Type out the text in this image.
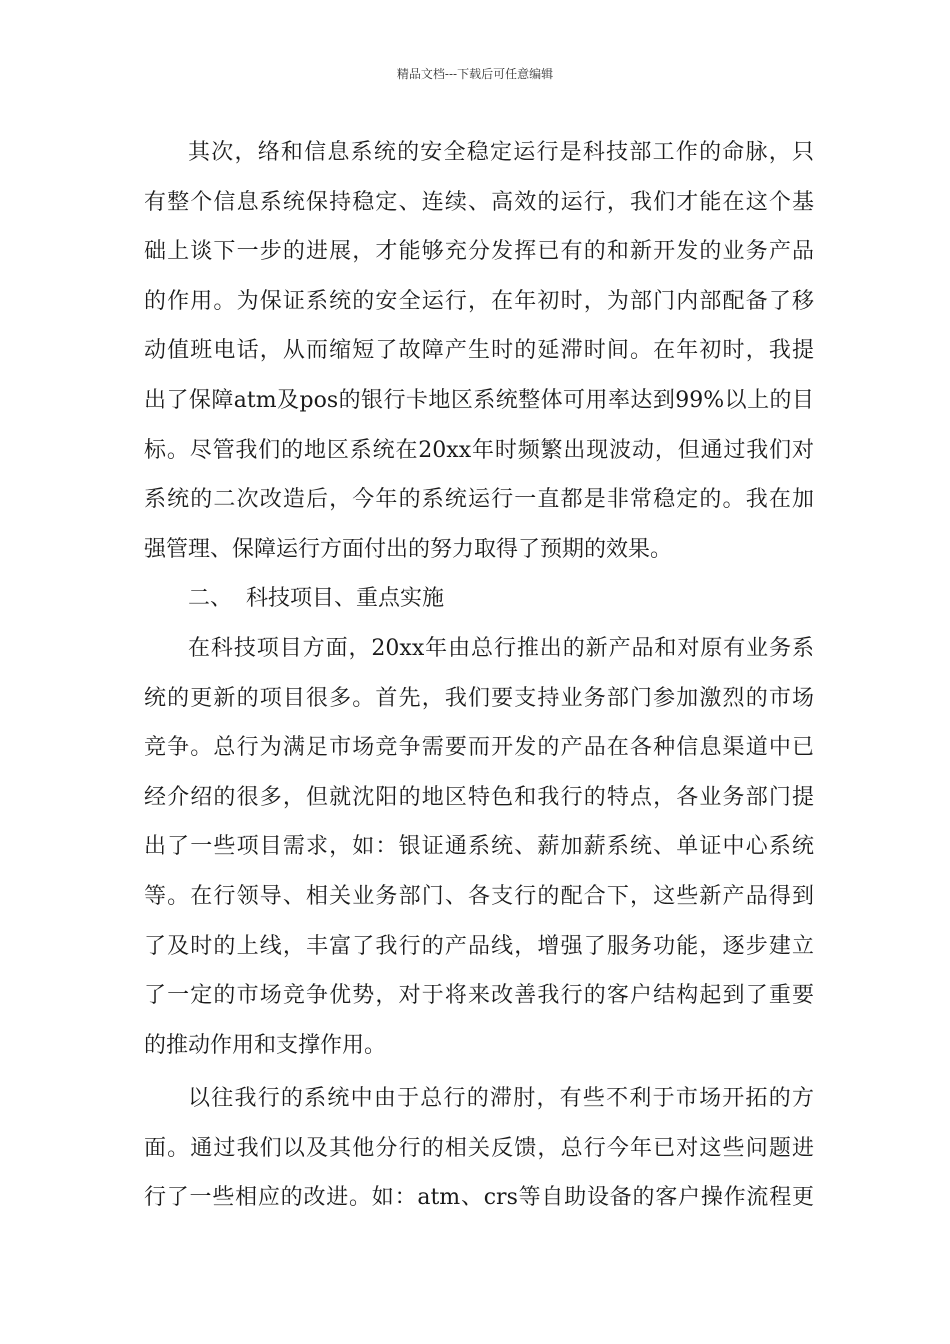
精品文档---下载后可任意编辑
其次，络和信息系统的安全稳定运行是科技部工作的命脉，只
有整个信息系统保持稳定、连续、高效的运行，我们才能在这个基
础上谈下一步的进展，才能够充分发挥已有的和新开发的业务产品
的作用。为保证系统的安全运行，在年初时，为部门内部配备了移
动值班电话，从而缩短了故障产生时的延滞时间。在年初时，我提
出了保障atm及pos的银行卡地区系统整体可用率达到99%以上的目
标。尽管我们的地区系统在20xx年时频繁出现波动，但通过我们对
系统的二次改造后，今年的系统运行一直都是非常稳定的。我在加
强管理、保障运行方面付出的努力取得了预期的效果。
二、  科技项目、重点实施
在科技项目方面，20xx年由总行推出的新产品和对原有业务系
统的更新的项目很多。首先，我们要支持业务部门参加激烈的市场
竞争。总行为满足市场竞争需要而开发的产品在各种信息渠道中已
经介绍的很多，但就沈阳的地区特色和我行的特点，各业务部门提
出了一些项目需求，如：银证通系统、薪加薪系统、单证中心系统
等。在行领导、相关业务部门、各支行的配合下，这些新产品得到
了及时的上线，丰富了我行的产品线，增强了服务功能，逐步建立
了一定的市场竞争优势，对于将来改善我行的客户结构起到了重要
的推动作用和支撑作用。
以往我行的系统中由于总行的滞肘，有些不利于市场开拓的方
面。通过我们以及其他分行的相关反馈，总行今年已对这些问题进
行了一些相应的改进。如：atm、crs等自助设备的客户操作流程更
